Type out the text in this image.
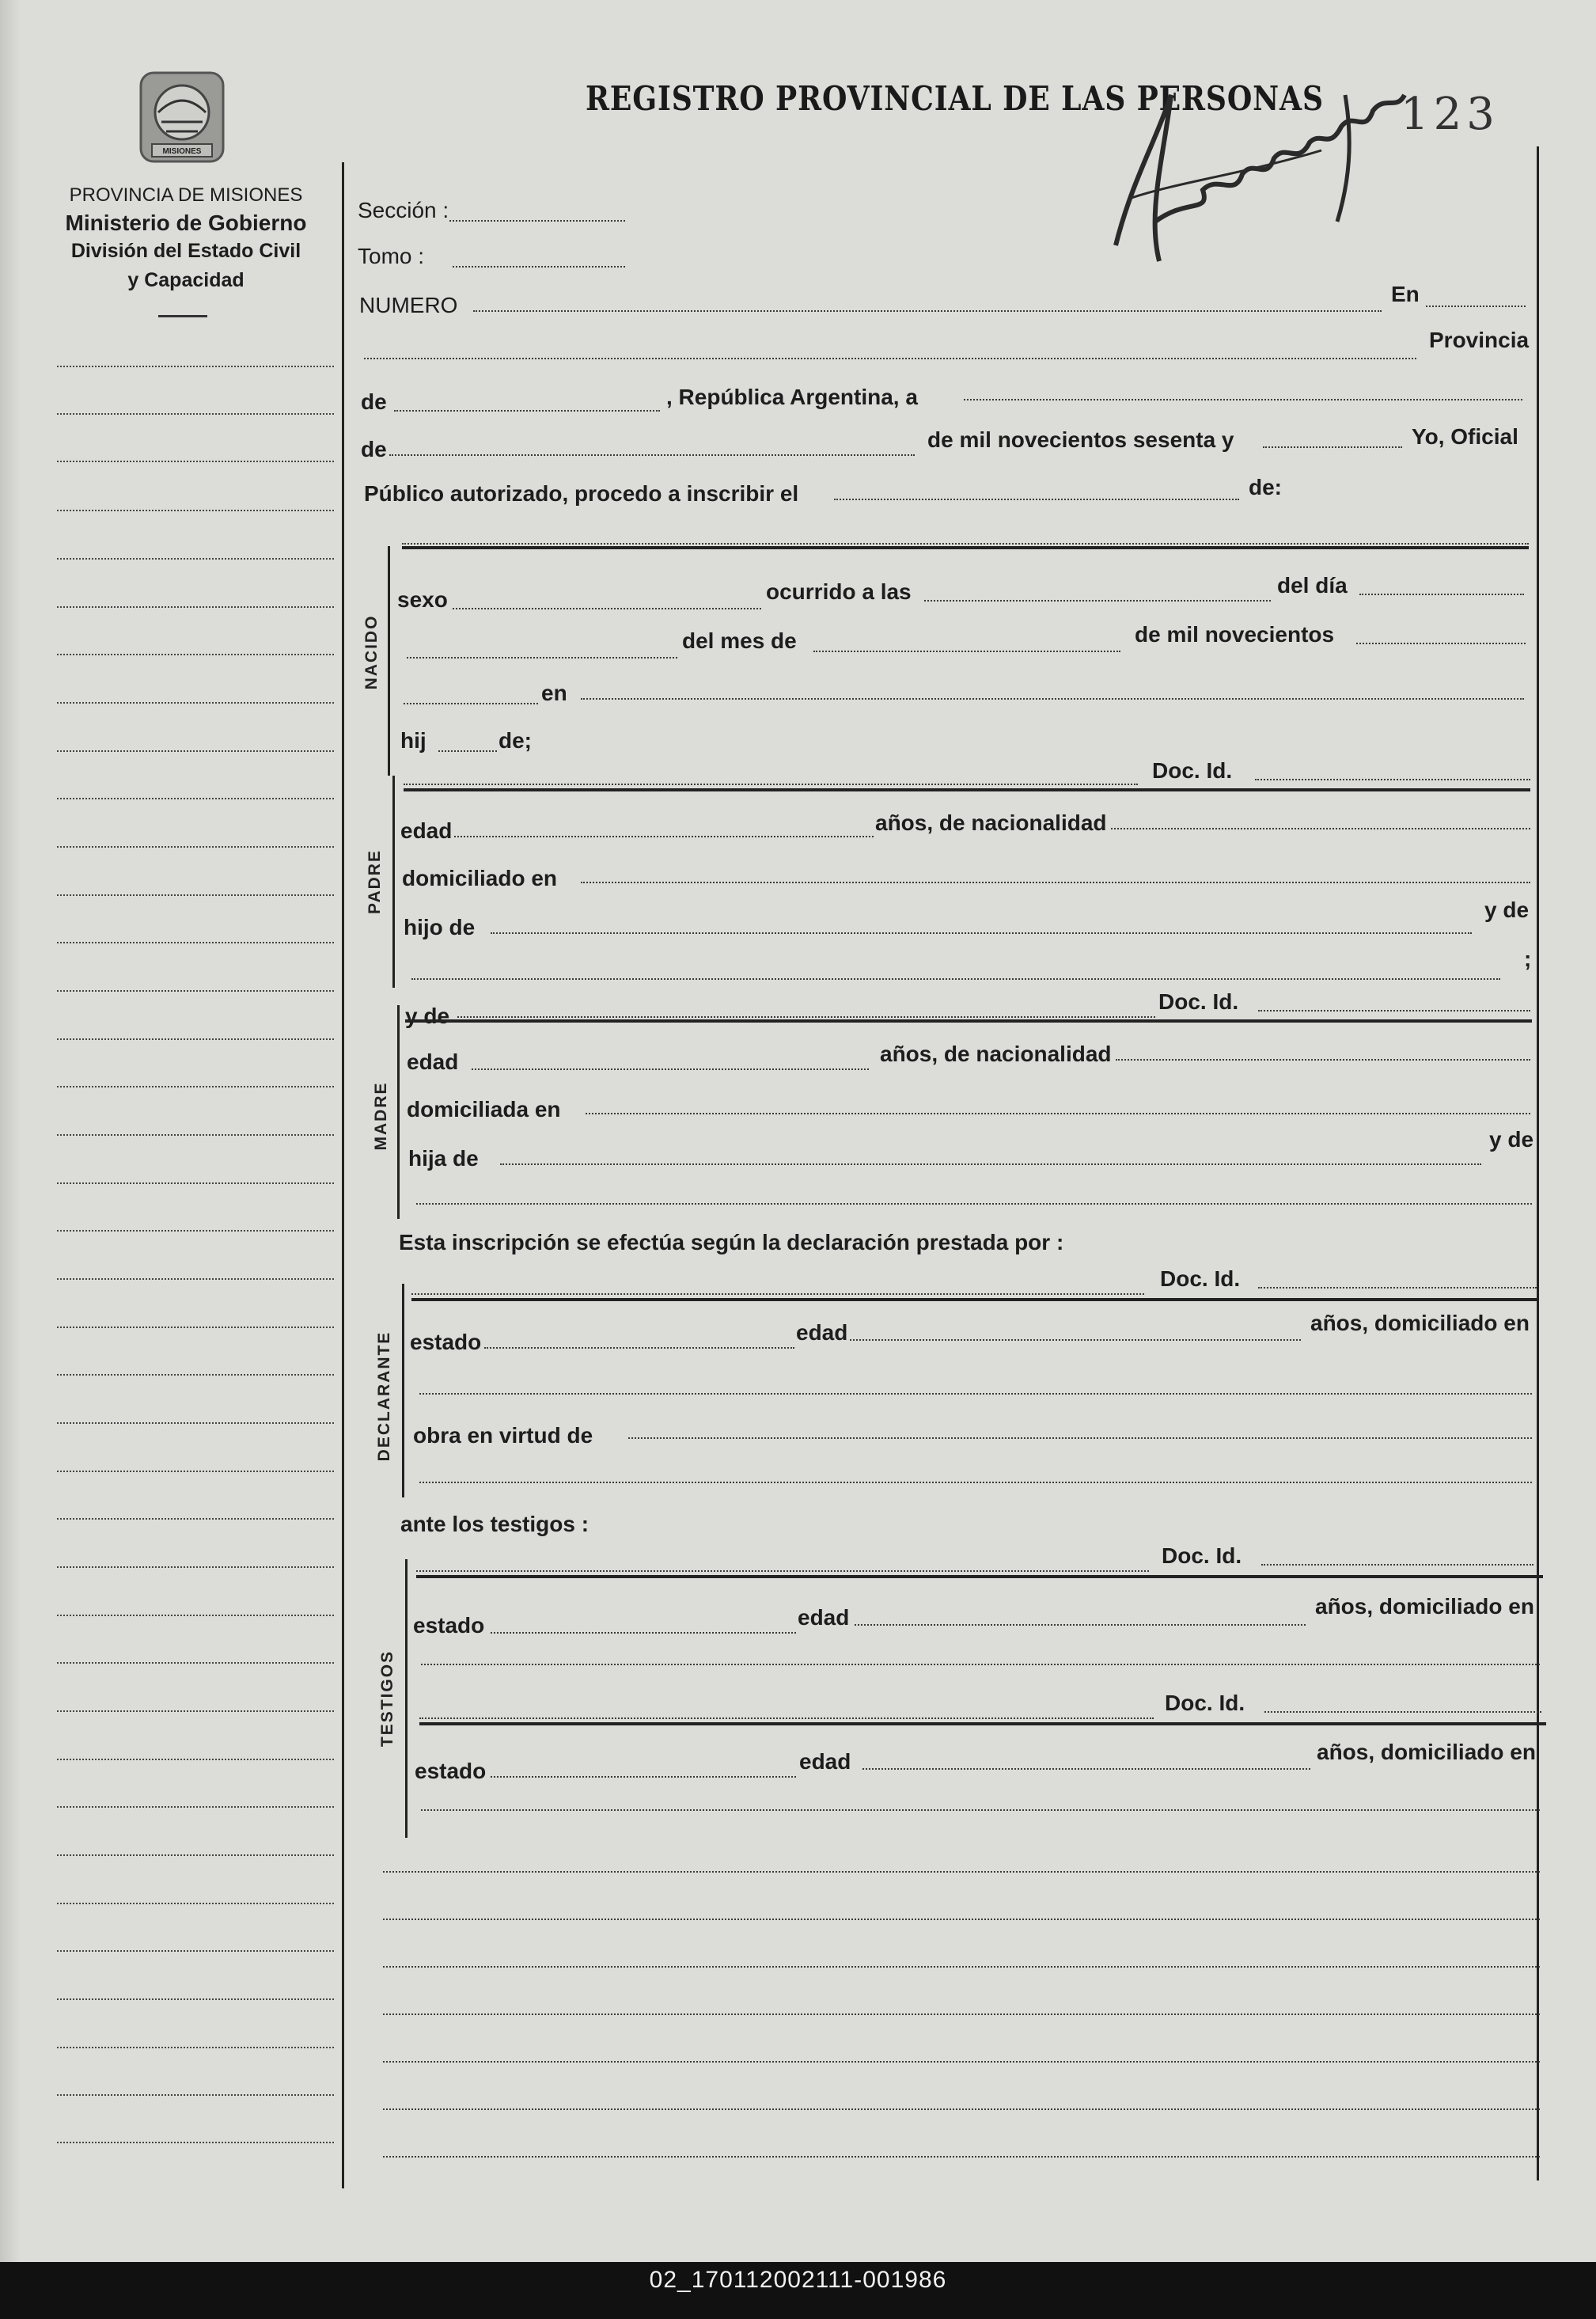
MISIONES
PROVINCIA DE MISIONES
Ministerio de Gobierno
División del Estado Civil
y Capacidad
REGISTRO PROVINCIAL DE LAS PERSONAS 123
Sección :
Tomo :
NUMERO	En
Provincia
de	, República Argentina, a
de	de mil novecientos sesenta y	Yo, Oficial
Público autorizado, procedo a inscribir el	de:
NACIDO
sexo	ocurrido a las	del día
del mes de	de mil novecientos
en
hij	de;
Doc. Id.
PADRE
edad	años, de nacionalidad
domiciliado en
hijo de
y de
;
y de
Doc. Id.
MADRE
edad	años, de nacionalidad
domiciliada en
hija de
y de
Esta inscripción se efectúa según la declaración prestada por :
Doc. Id.
DECLARANTE estado	edad	años, domiciliado en
obra en virtud de
ante los testigos :
TESTIGOS
Doc. Id.
estado	edad	años, domiciliado en
Doc. Id.
estado	edad	años, domiciliado en
02_170112002111-001986
